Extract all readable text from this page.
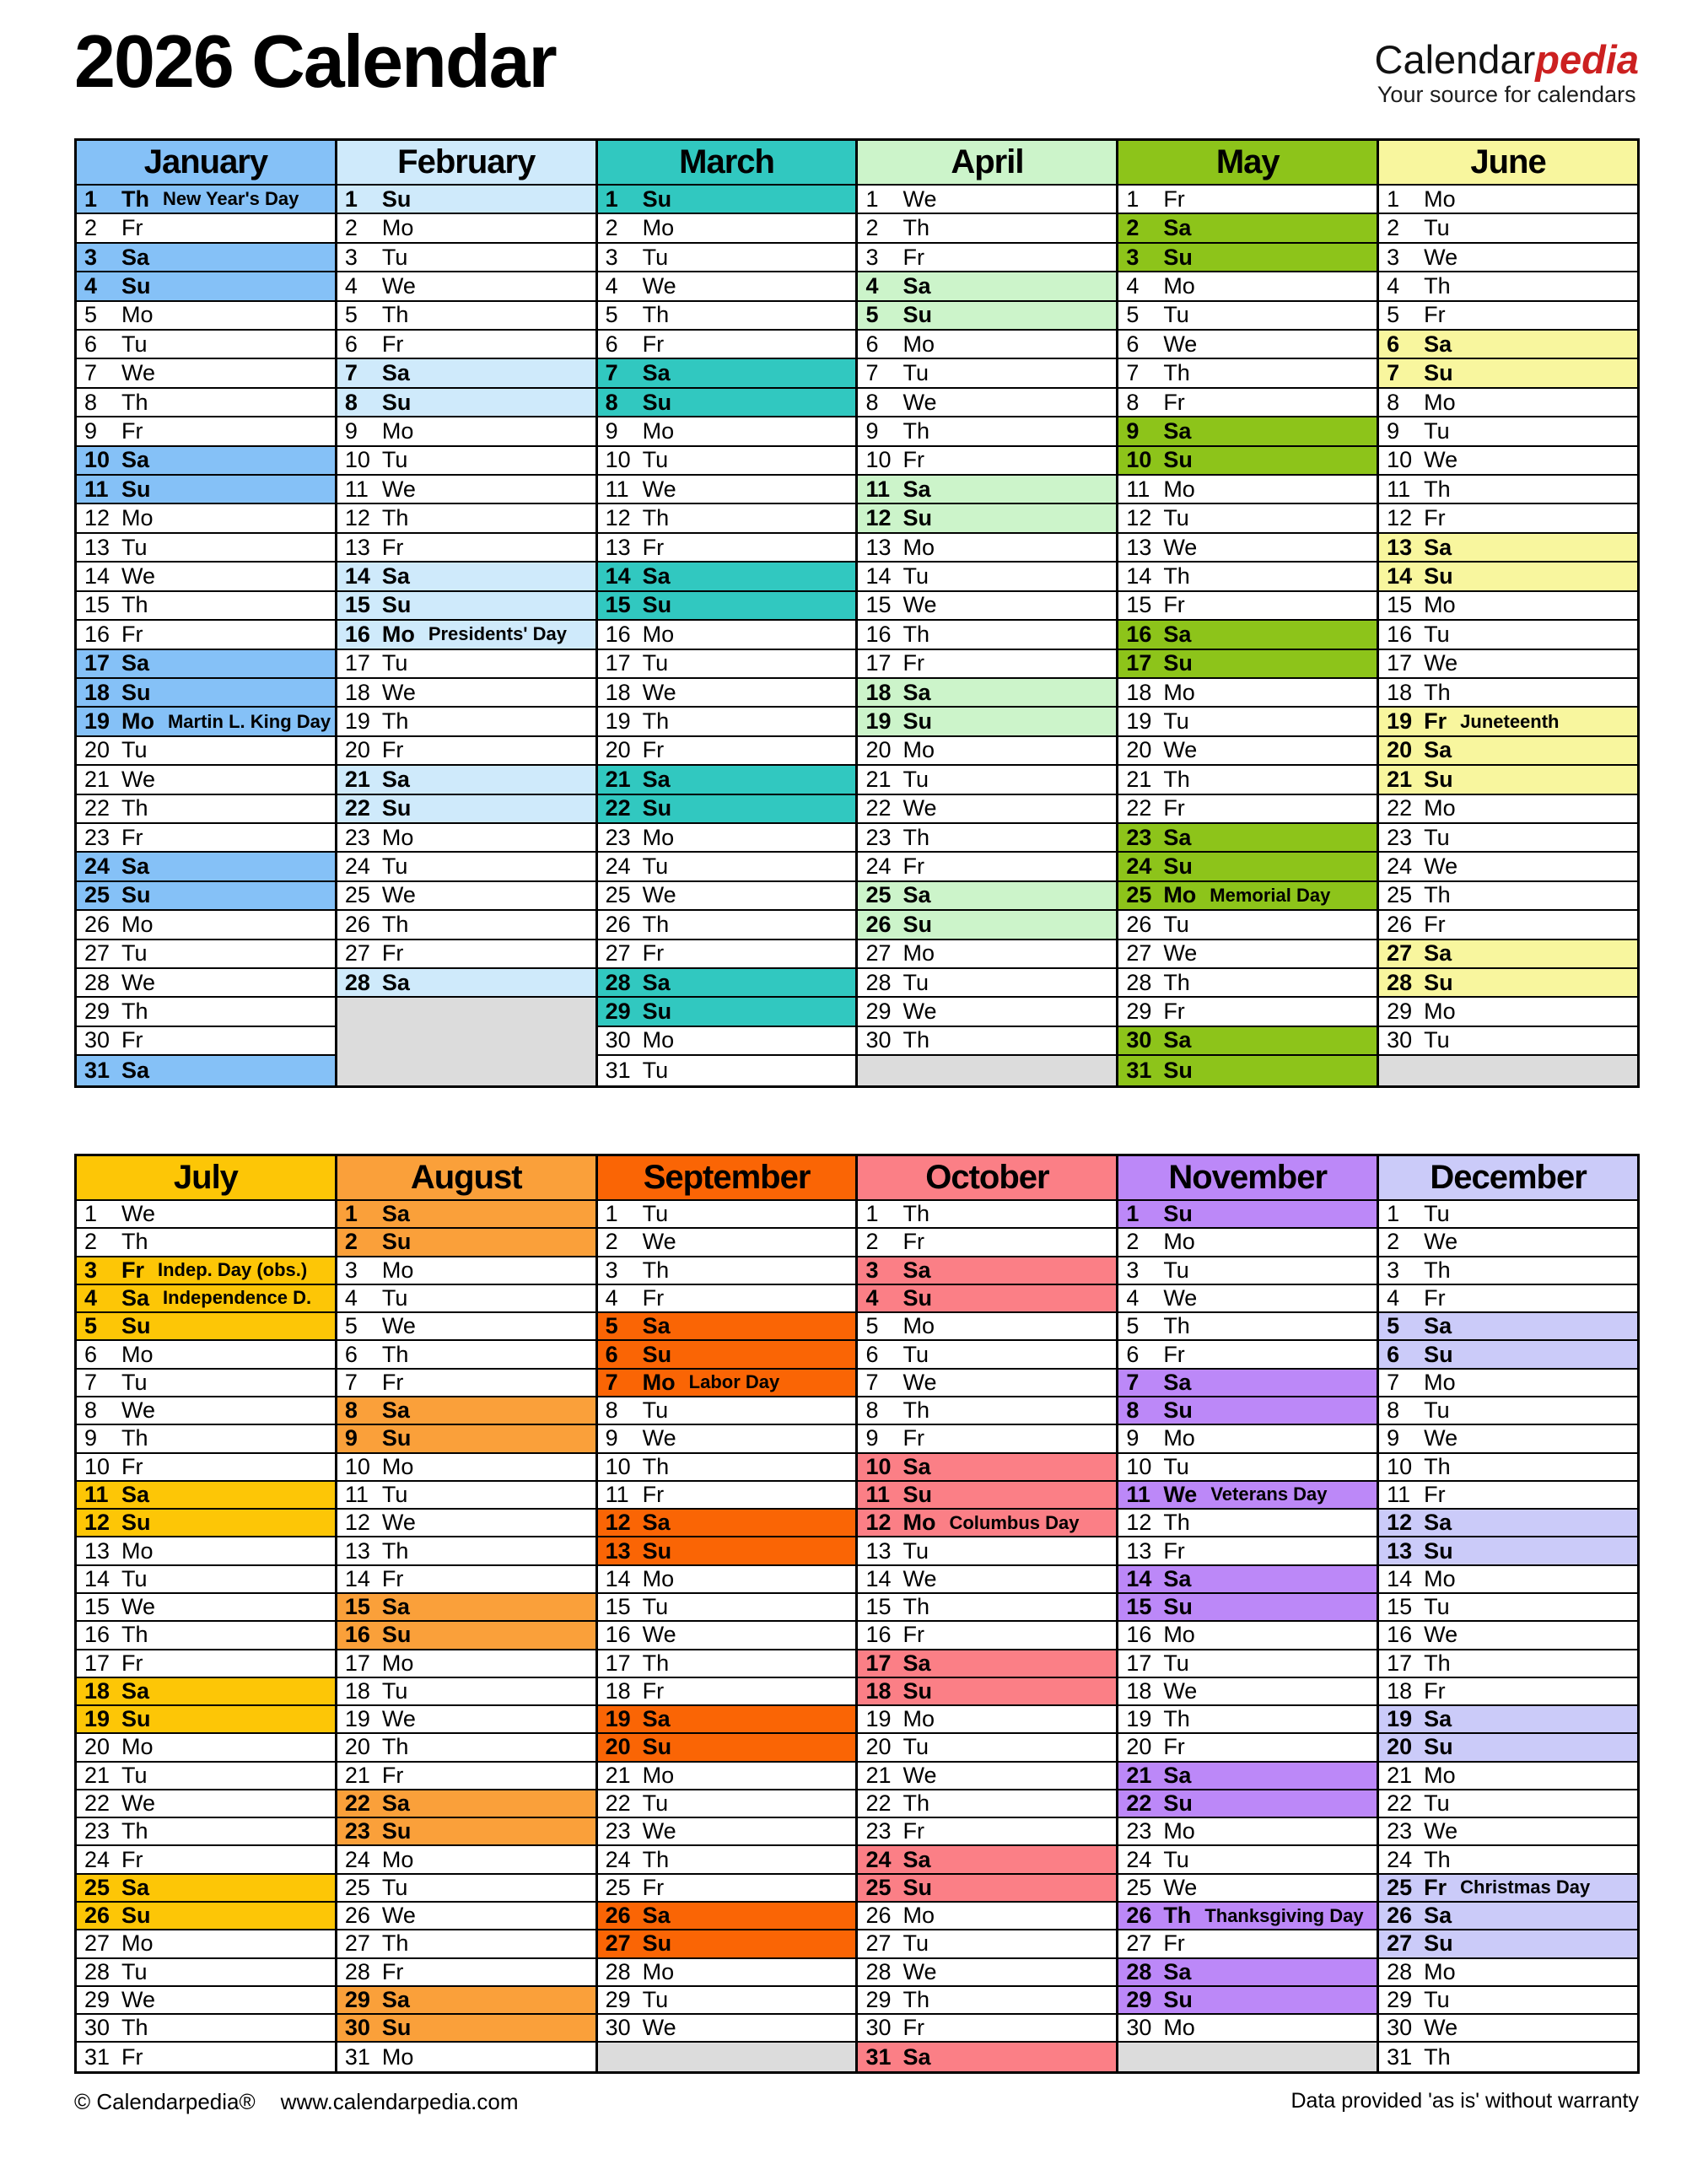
2026 Calendar	Calendarpedia
Your source for calendars
January
1	Th New Year's Day
2	Fr
3	Sa
4	Su
5	Mo
6	Tu
7	We
8	Th
9	Fr
10 Sa
11 Su
12 Mo
13 Tu
14 We
15 Th
16 Fr
17 Sa
18 Su
19 Mo Martin L. King Day
20 Tu
21 We
22 Th
23 Fr
24 Sa
25 Su
26 Mo
27 Tu
28 We
29 Th
30 Fr
31 Sa
February
1	Su
2	Mo
3	Tu
4	We
5	Th
6	Fr
7	Sa
8	Su
9	Mo
10 Tu
11 We
12 Th
13 Fr
14 Sa
15 Su
16 Mo Presidents' Day
17 Tu
18 We
19 Th
20 Fr
21 Sa
22 Su
23 Mo
24 Tu
25 We
26 Th
27 Fr
28 Sa
March
1	Su
2	Mo
3	Tu
4	We
5	Th
6	Fr
7	Sa
8	Su
9	Mo
10 Tu
11 We
12 Th
13 Fr
14 Sa
15 Su
16 Mo
17 Tu
18 We
19 Th
20 Fr
21 Sa
22 Su
23 Mo
24 Tu
25 We
26 Th
27 Fr
28 Sa
29 Su
30 Mo
31 Tu
April
1	We
2	Th
3	Fr
4	Sa
5	Su
6	Mo
7	Tu
8	We
9	Th
10 Fr
11 Sa
12 Su
13 Mo
14 Tu
15 We
16 Th
17 Fr
18 Sa
19 Su
20 Mo
21 Tu
22 We
23 Th
24 Fr
25 Sa
26 Su
27 Mo
28 Tu
29 We
30 Th
May
1	Fr
2	Sa
3	Su
4	Mo
5	Tu
6	We
7	Th
8	Fr
9	Sa
10 Su
11 Mo
12 Tu
13 We
14 Th
15 Fr
16 Sa
17 Su
18 Mo
19 Tu
20 We
21 Th
22 Fr
23 Sa
24 Su
25 Mo Memorial Day
26 Tu
27 We
28 Th
29 Fr
30 Sa
31 Su
June
1	Mo
2	Tu
3	We
4	Th
5	Fr
6	Sa
7	Su
8	Mo
9	Tu
10 We
11 Th
12 Fr
13 Sa
14 Su
15 Mo
16 Tu
17 We
18 Th
19 Fr Juneteenth
20 Sa
21 Su
22 Mo
23 Tu
24 We
25 Th
26 Fr
27 Sa
28 Su
29 Mo
30 Tu
July
1	We
2	Th
3	Fr Indep. Day (obs.)
4	Sa Independence D.
5	Su
6	Mo
7	Tu
8	We
9	Th
10 Fr
11 Sa
12 Su
13 Mo
14 Tu
15 We
16 Th
17 Fr
18 Sa
19 Su
20 Mo
21 Tu
22 We
23 Th
24 Fr
25 Sa
26 Su
27 Mo
28 Tu
29 We
30 Th
31 Fr
August
1	Sa
2	Su
3	Mo
4	Tu
5	We
6	Th
7	Fr
8	Sa
9	Su
10 Mo
11 Tu
12 We
13 Th
14 Fr
15 Sa
16 Su
17 Mo
18 Tu
19 We
20 Th
21 Fr
22 Sa
23 Su
24 Mo
25 Tu
26 We
27 Th
28 Fr
29 Sa
30 Su
31 Mo
September
1	Tu
2	We
3	Th
4	Fr
5	Sa
6	Su
7	Mo Labor Day
8	Tu
9	We
10 Th
11 Fr
12 Sa
13 Su
14 Mo
15 Tu
16 We
17 Th
18 Fr
19 Sa
20 Su
21 Mo
22 Tu
23 We
24 Th
25 Fr
26 Sa
27 Su
28 Mo
29 Tu
30 We
October
1	Th
2	Fr
3	Sa
4	Su
5	Mo
6	Tu
7	We
8	Th
9	Fr
10 Sa
11 Su
12 Mo Columbus Day
13 Tu
14 We
15 Th
16 Fr
17 Sa
18 Su
19 Mo
20 Tu
21 We
22 Th
23 Fr
24 Sa
25 Su
26 Mo
27 Tu
28 We
29 Th
30 Fr
31 Sa
November
1	Su
2	Mo
3	Tu
4	We
5	Th
6	Fr
7	Sa
8	Su
9	Mo
10 Tu
11 We Veterans Day
12 Th
13 Fr
14 Sa
15 Su
16 Mo
17 Tu
18 We
19 Th
20 Fr
21 Sa
22 Su
23 Mo
24 Tu
25 We
26 Th Thanksgiving Day
27 Fr
28 Sa
29 Su
30 Mo
December
1	Tu
2	We
3	Th
4	Fr
5	Sa
6	Su
7	Mo
8	Tu
9	We
10 Th
11 Fr
12 Sa
13 Su
14 Mo
15 Tu
16 We
17 Th
18 Fr
19 Sa
20 Su
21 Mo
22 Tu
23 We
24 Th
25 Fr Christmas Day
26 Sa
27 Su
28 Mo
29 Tu
30 We
31 Th
© Calendarpedia® www.calendarpedia.com	Data provided 'as is' without warranty
